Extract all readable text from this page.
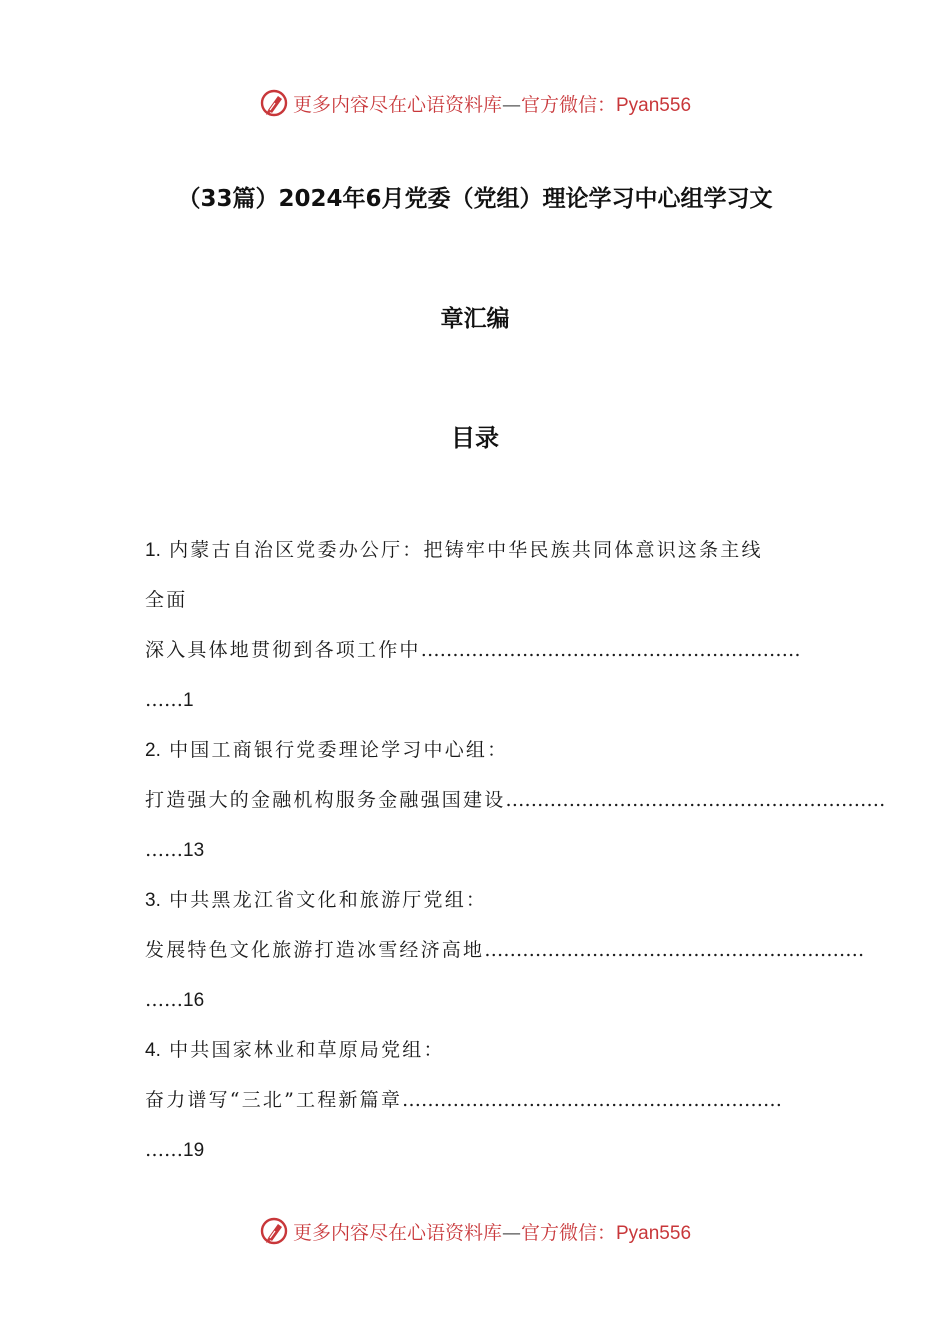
更多内容尽在心语资料库—官方微信：Pyan556
（33篇）2024年6月党委（党组）理论学习中心组学习文
章汇编
目录
1. 内蒙古自治区党委办公厅：把铸牢中华民族共同体意识这条主线
全面
深入具体地贯彻到各项工作中……………………………………………………
……1
2. 中国工商银行党委理论学习中心组：
打造强大的金融机构服务金融强国建设……………………………………………………
……13
3. 中共黑龙江省文化和旅游厅党组：
发展特色文化旅游打造冰雪经济高地……………………………………………………
……16
4. 中共国家林业和草原局党组：
奋力谱写“三北”工程新篇章……………………………………………………
……19
更多内容尽在心语资料库—官方微信：Pyan556
